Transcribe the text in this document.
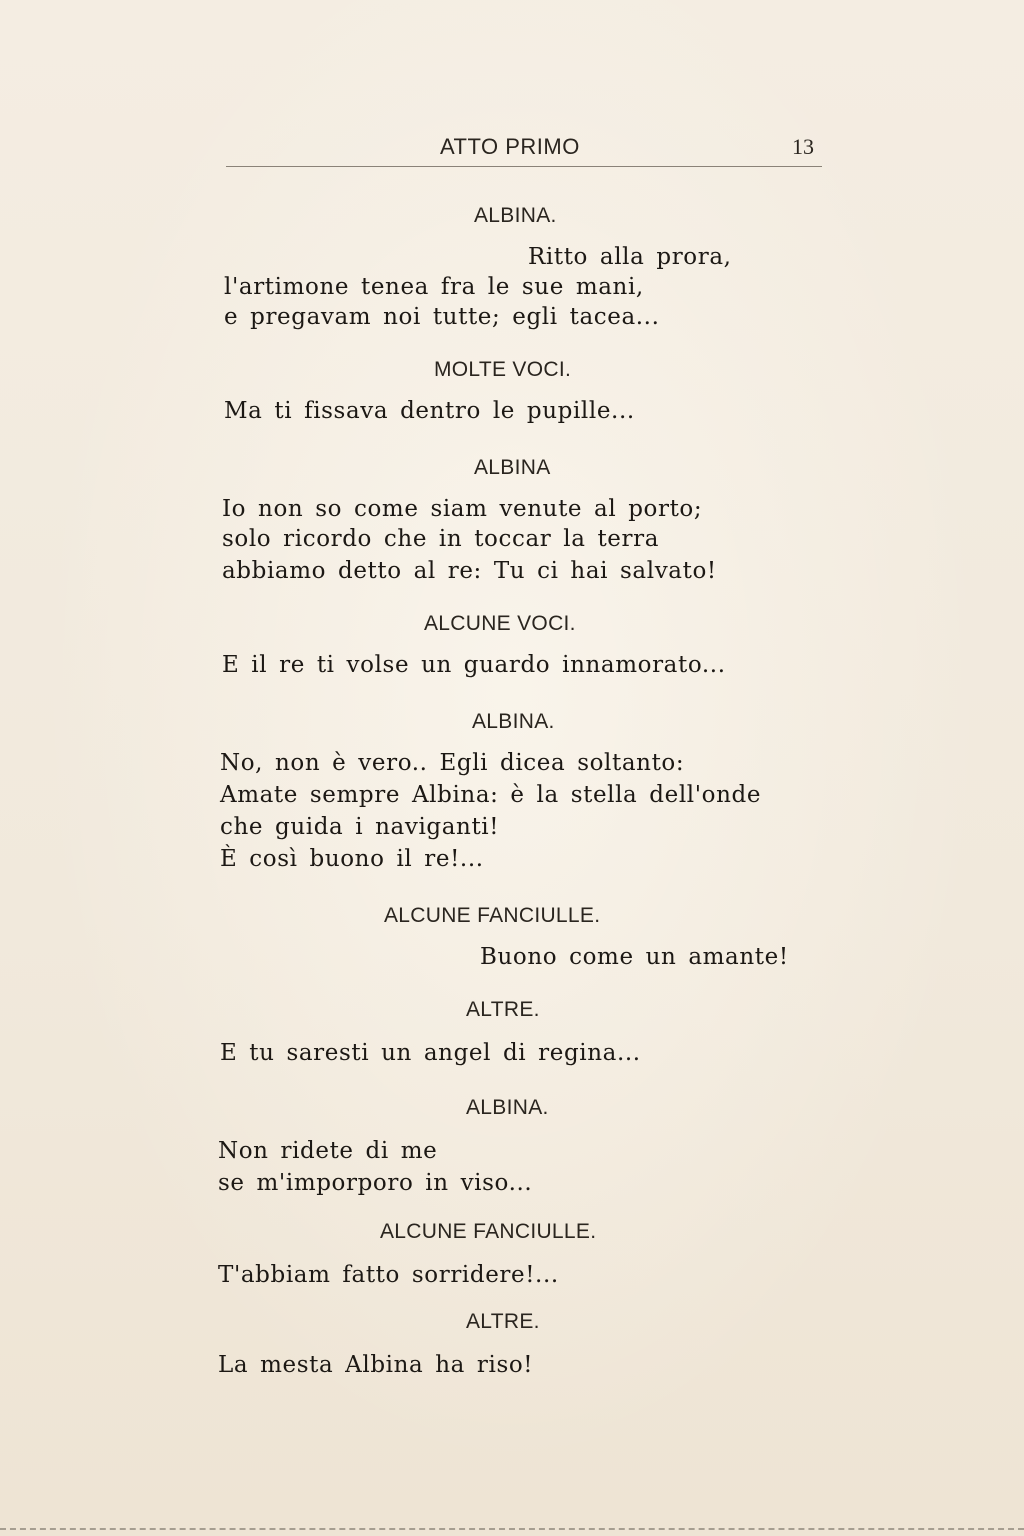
ATTO PRIMO	13
ALBINA.
Ritto alla prora,
l'artimone tenea fra le sue mani,
e pregavam noi tutte; egli tacea...
MOLTE VOCI.
Ma ti fissava dentro le pupille...
ALBINA
Io non so come siam venute al porto;
solo ricordo che in toccar la terra
abbiamo detto al re: Tu ci hai salvato!
ALCUNE VOCI.
E il re ti volse un guardo innamorato...
ALBINA.
No, non è vero.. Egli dicea soltanto:
Amate sempre Albina: è la stella dell'onde
che guida i naviganti!
È così buono il re!...
ALCUNE FANCIULLE.
Buono come un amante!
ALTRE.
E tu saresti un angel di regina...
ALBINA.
Non ridete di me
se m'imporporo in viso...
ALCUNE FANCIULLE.
T'abbiam fatto sorridere!...
ALTRE.
La mesta Albina ha riso!
